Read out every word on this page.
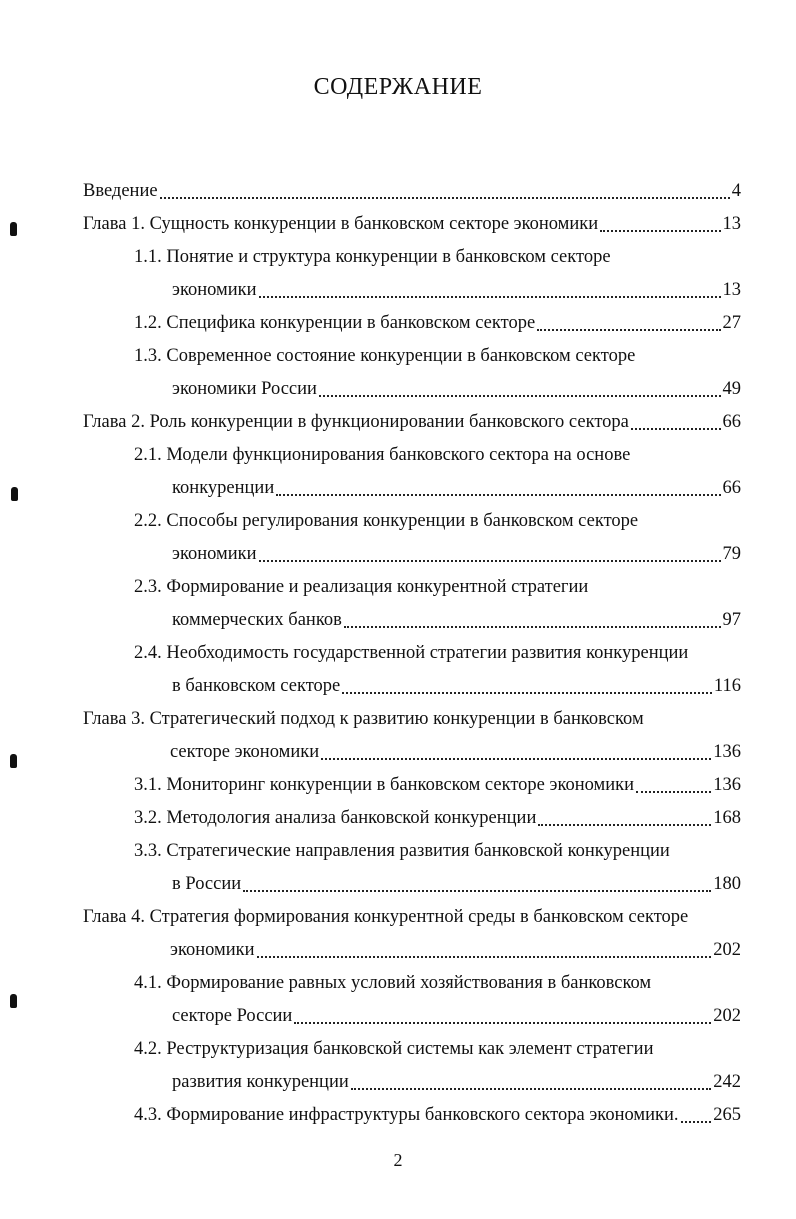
СОДЕРЖАНИЕ
Введение	4
Глава 1. Сущность конкуренции в банковском секторе экономики	13
1.1. Понятие и структура конкуренции в банковском секторе
экономики	13
1.2. Специфика конкуренции в банковском секторе	27
1.3. Современное состояние конкуренции в банковском секторе
экономики России	49
Глава 2. Роль конкуренции в функционировании банковского сектора	66
2.1. Модели функционирования банковского сектора на основе
конкуренции	66
2.2. Способы регулирования конкуренции в банковском секторе
экономики	79
2.3. Формирование и реализация конкурентной стратегии
коммерческих банков	97
2.4. Необходимость государственной стратегии развития конкуренции
в банковском секторе	116
Глава 3. Стратегический подход к развитию конкуренции в банковском
секторе экономики	136
3.1. Мониторинг конкуренции в банковском секторе экономики	136
3.2. Методология анализа банковской конкуренции	168
3.3. Стратегические направления развития банковской конкуренции
в России	180
Глава 4. Стратегия формирования конкурентной среды в банковском секторе
экономики	202
4.1. Формирование равных условий хозяйствования в банковском
секторе России	202
4.2. Реструктуризация банковской системы как элемент стратегии
развития конкуренции	242
4.3. Формирование инфраструктуры банковского сектора экономики. 265
2
